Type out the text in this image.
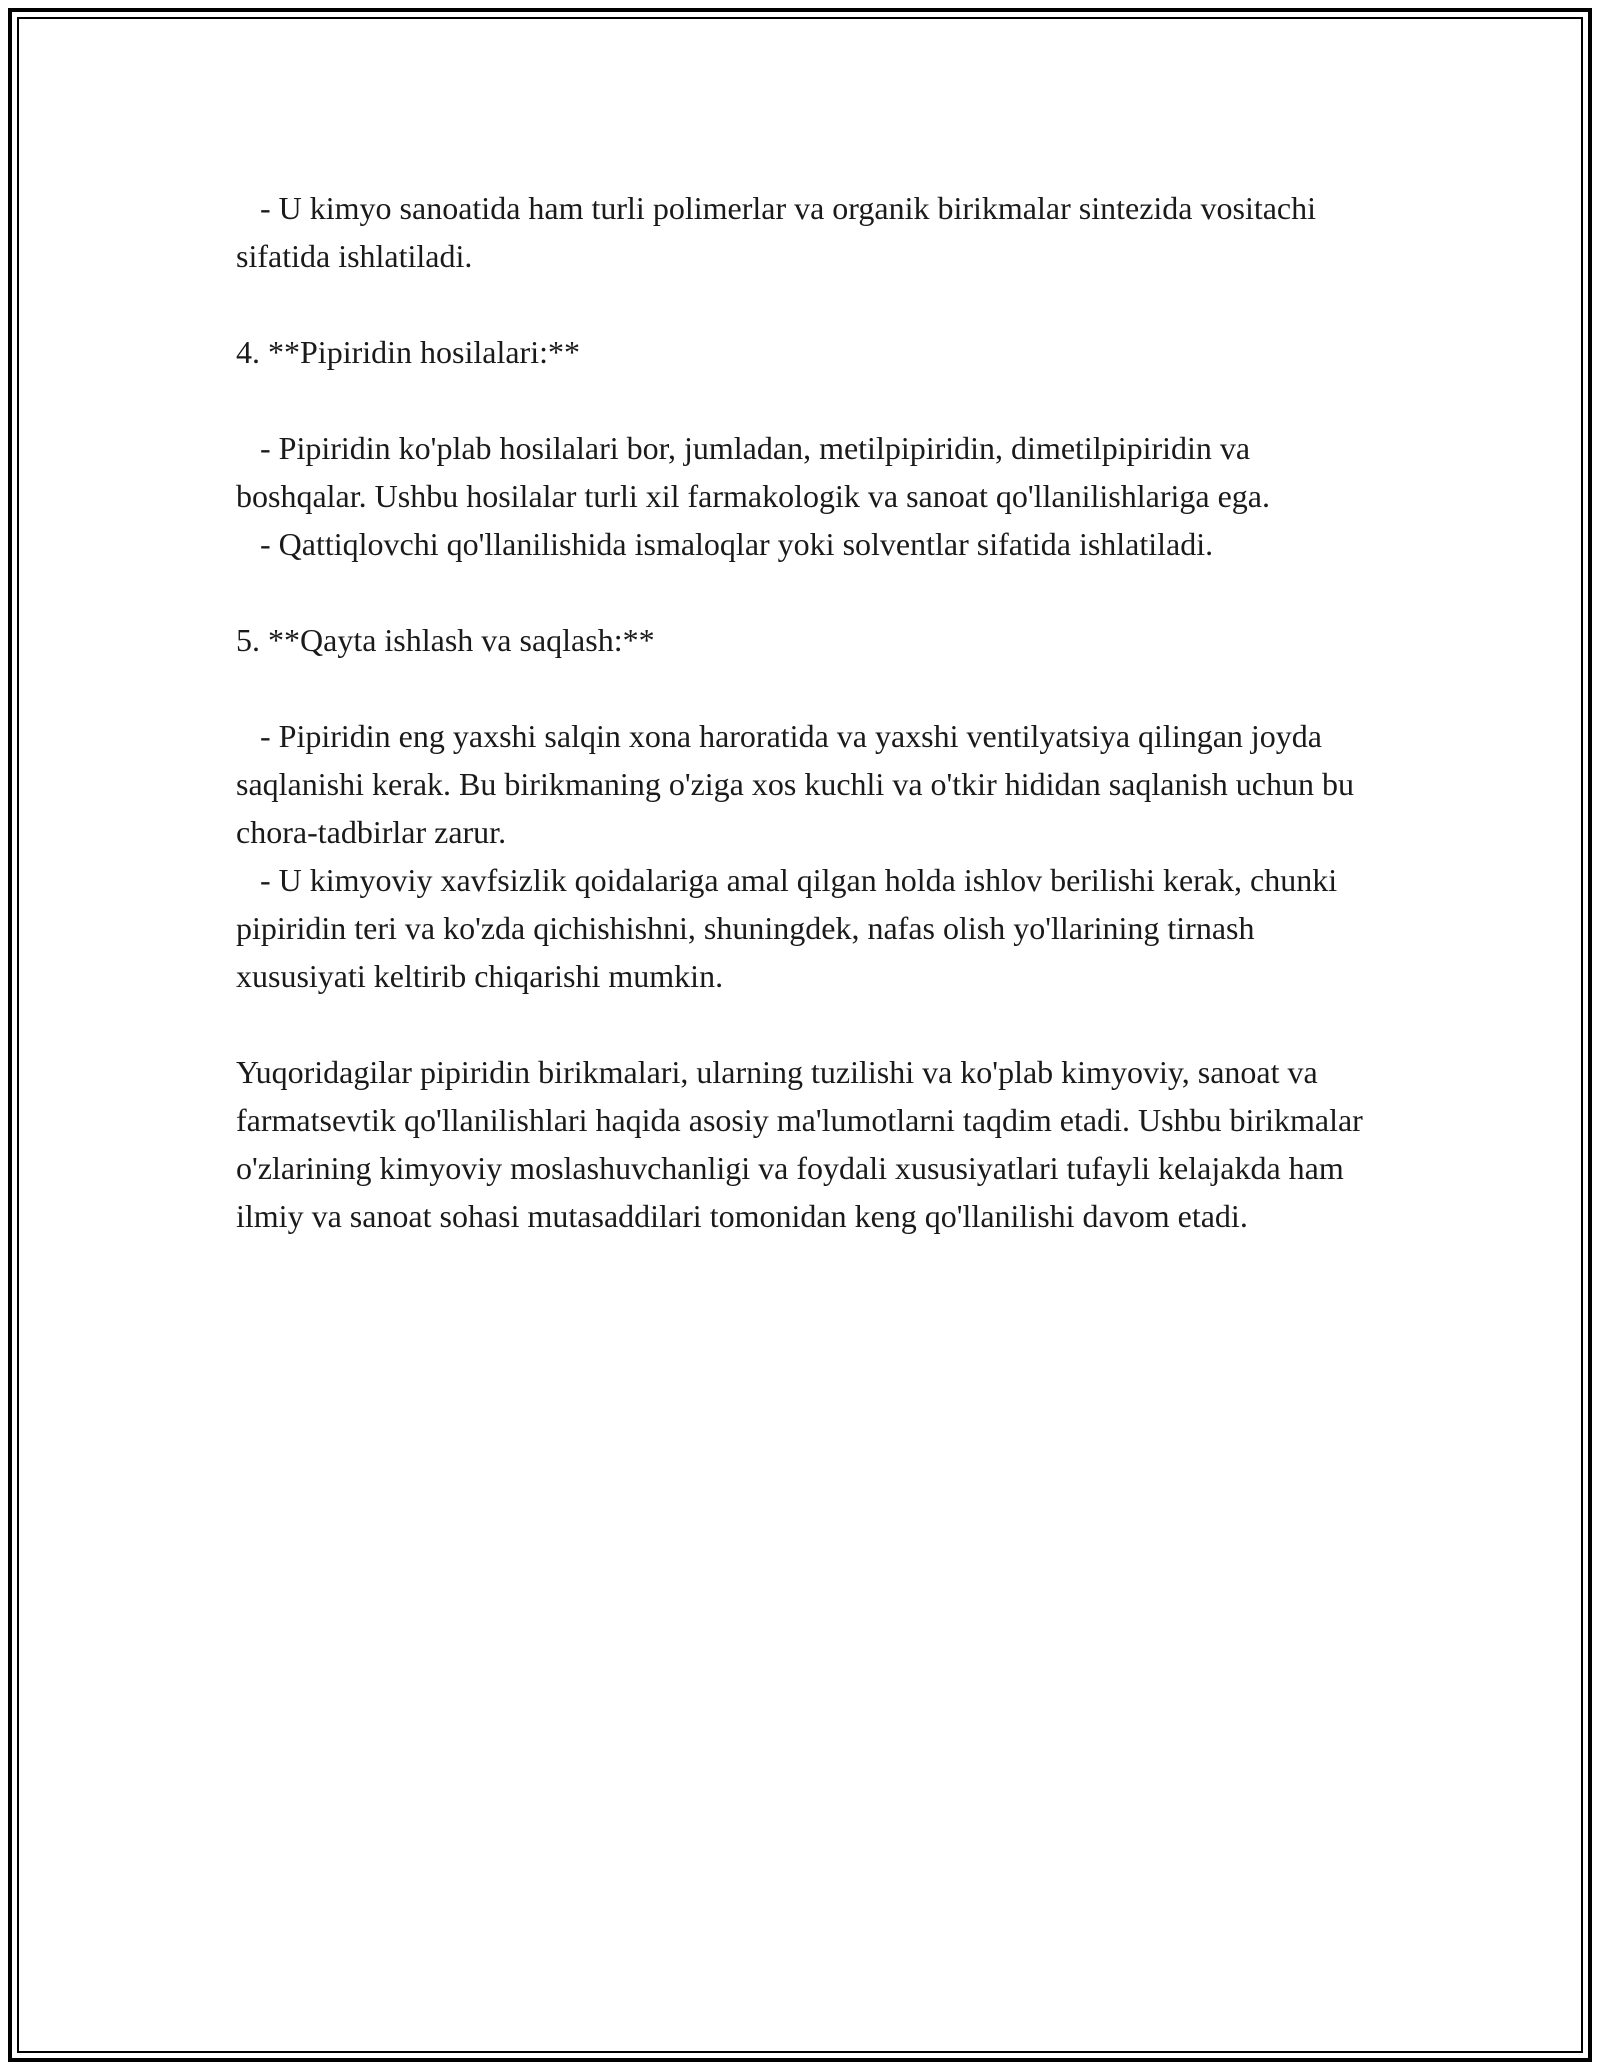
- U kimyo sanoatida ham turli polimerlar va organik birikmalar sintezida vositachi sifatida ishlatiladi.

4. **Pipiridin hosilalari:**

- Pipiridin ko'plab hosilalari bor, jumladan, metilpipiridin, dimetilpipiridin va boshqalar. Ushbu hosilalar turli xil farmakologik va sanoat qo'llanilishlariga ega.

- Qattiqlovchi qo'llanilishida ismaloqlar yoki solventlar sifatida ishlatiladi.

5. **Qayta ishlash va saqlash:**

- Pipiridin eng yaxshi salqin xona haroratida va yaxshi ventilyatsiya qilingan joyda saqlanishi kerak. Bu birikmaning o'ziga xos kuchli va o'tkir hididan saqlanish uchun bu chora-tadbirlar zarur.

- U kimyoviy xavfsizlik qoidalariga amal qilgan holda ishlov berilishi kerak, chunki pipiridin teri va ko'zda qichishishni, shuningdek, nafas olish yo'llarining tirnash xususiyati keltirib chiqarishi mumkin.

Yuqoridagilar pipiridin birikmalari, ularning tuzilishi va ko'plab kimyoviy, sanoat va farmatsevtik qo'llanilishlari haqida asosiy ma'lumotlarni taqdim etadi. Ushbu birikmalar o'zlarining kimyoviy moslashuvchanligi va foydali xususiyatlari tufayli kelajakda ham ilmiy va sanoat sohasi mutasaddilari tomonidan keng qo'llanilishi davom etadi.
